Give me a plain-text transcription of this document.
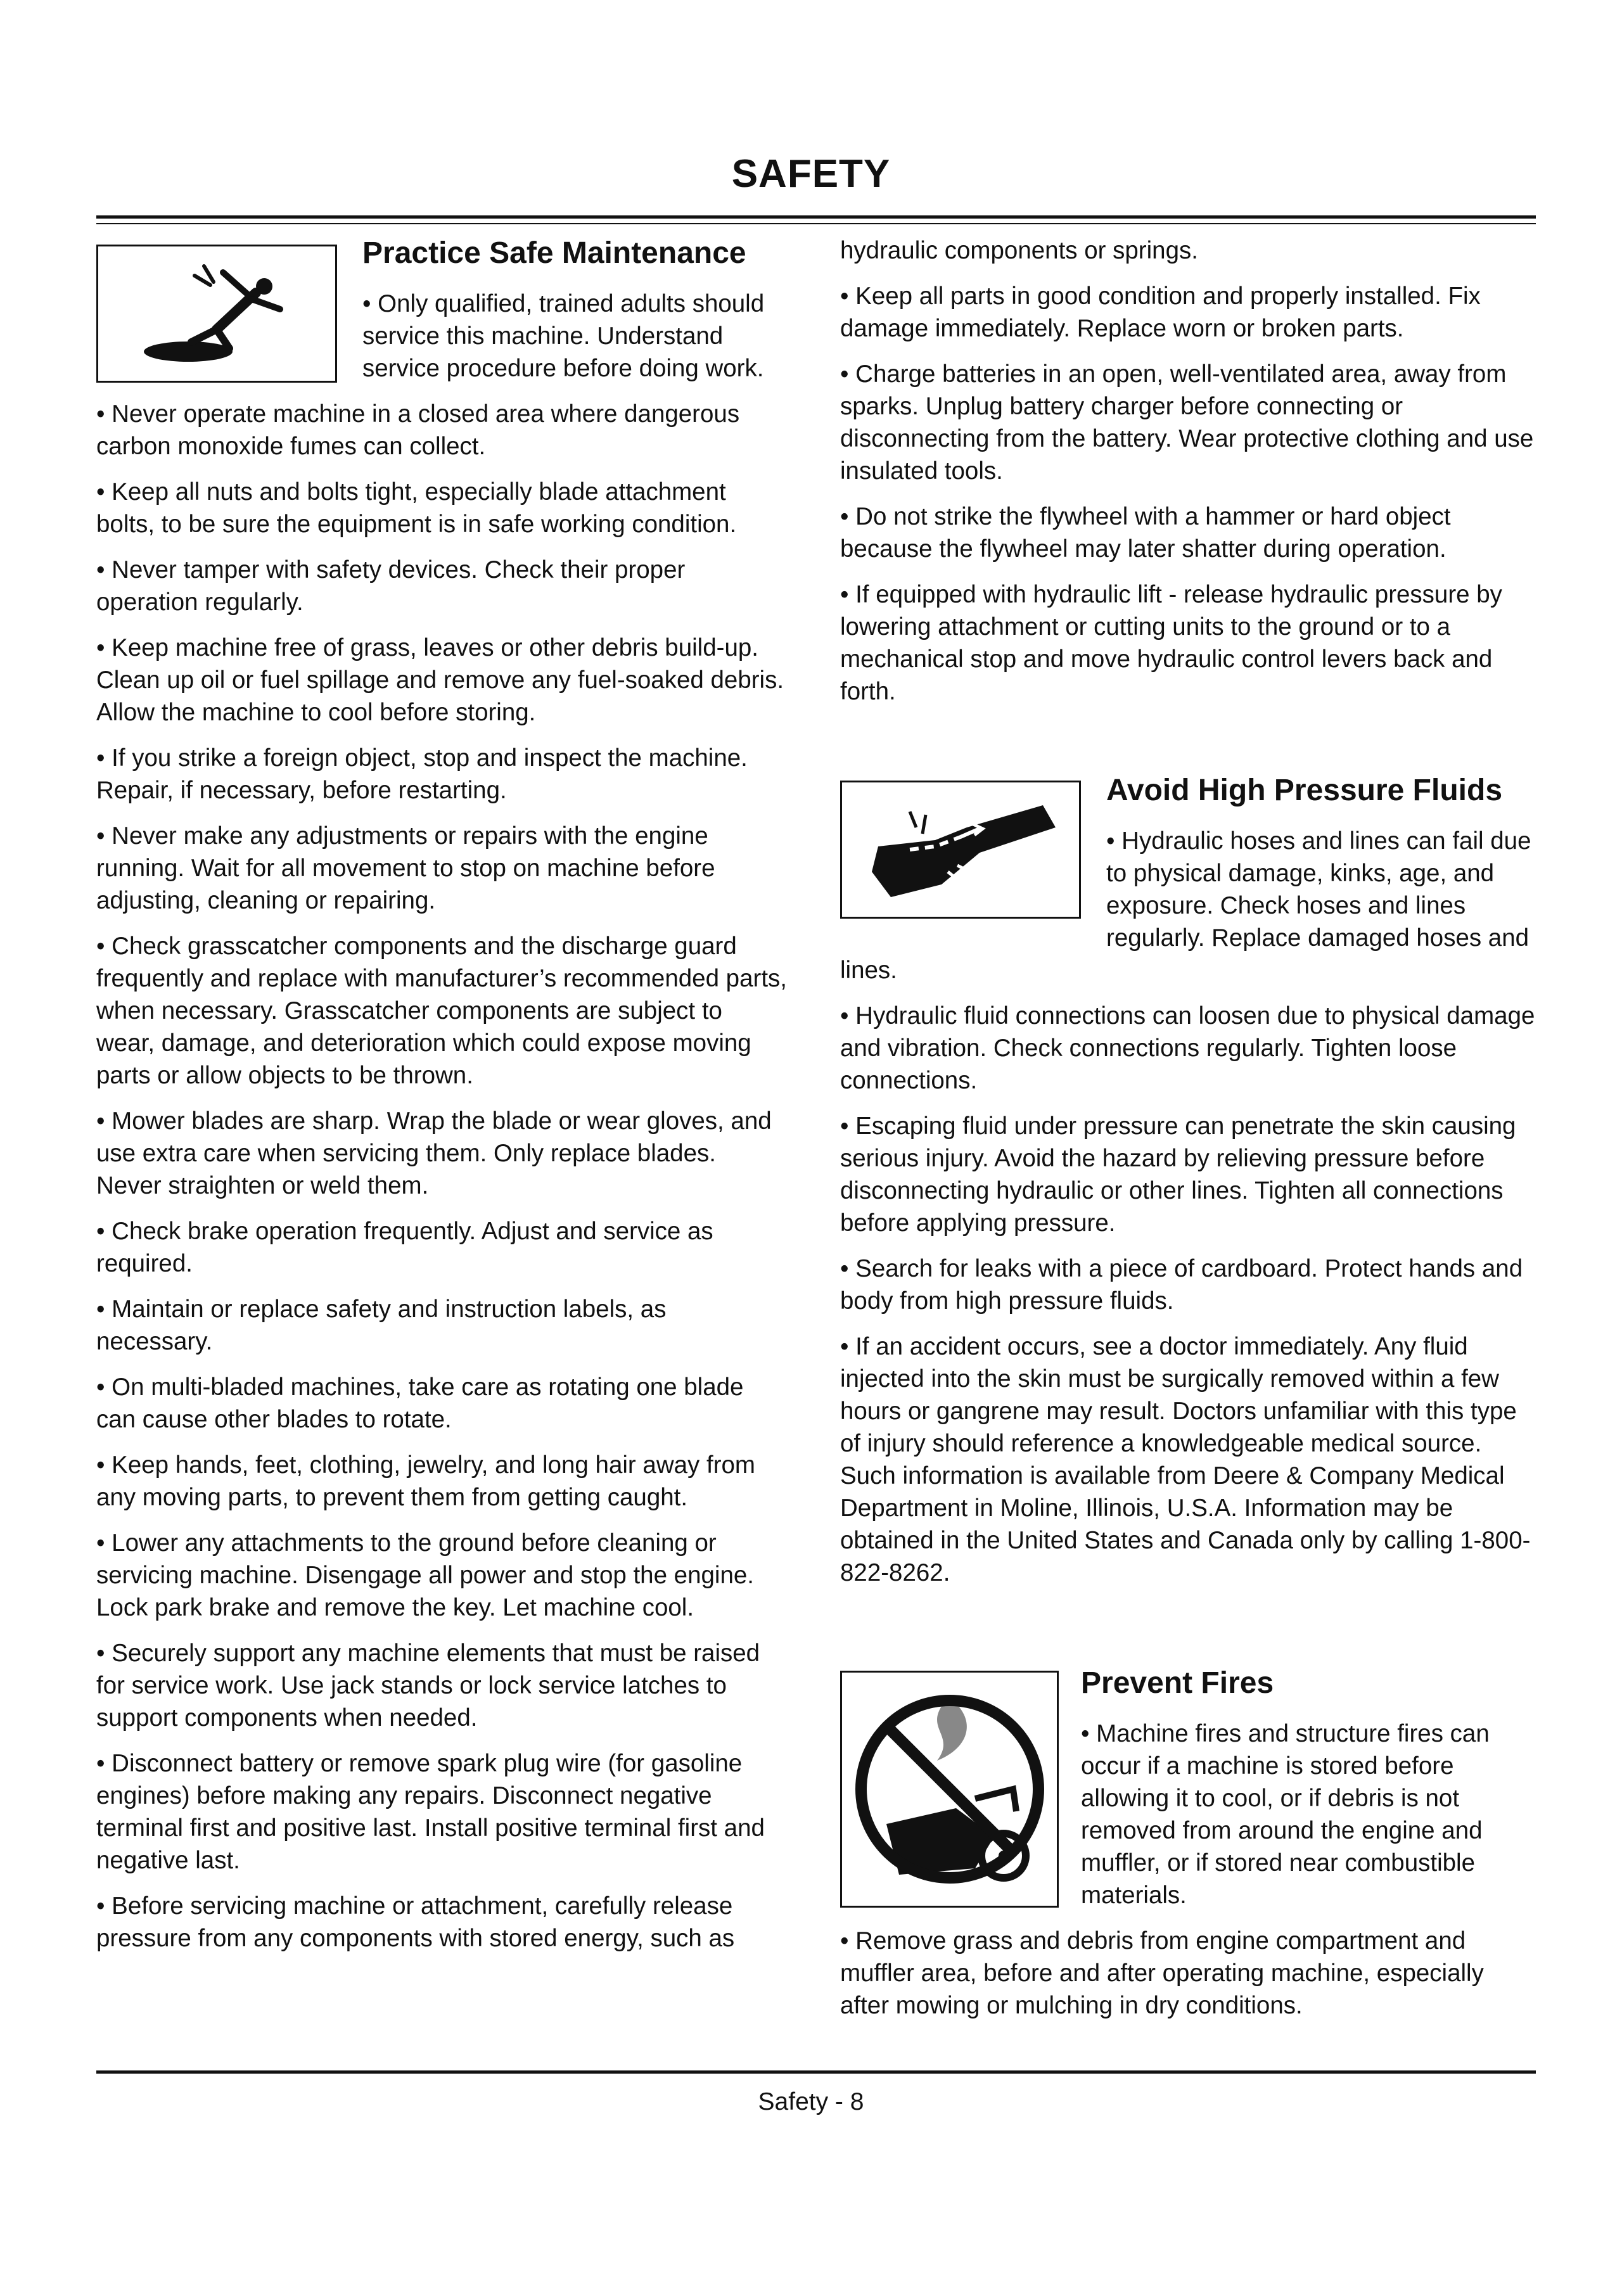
SAFETY
Practice Safe Maintenance

• Only qualified, trained adults should service this machine. Understand service procedure before doing work.

• Never operate machine in a closed area where dangerous carbon monoxide fumes can collect.

• Keep all nuts and bolts tight, especially blade attachment bolts, to be sure the equipment is in safe working condition.

• Never tamper with safety devices. Check their proper operation regularly.

• Keep machine free of grass, leaves or other debris build-up. Clean up oil or fuel spillage and remove any fuel-soaked debris. Allow the machine to cool before storing.

• If you strike a foreign object, stop and inspect the machine. Repair, if necessary, before restarting.

• Never make any adjustments or repairs with the engine running. Wait for all movement to stop on machine before adjusting, cleaning or repairing.

• Check grasscatcher components and the discharge guard frequently and replace with manufacturer’s recommended parts, when necessary. Grasscatcher components are subject to wear, damage, and deterioration which could expose moving parts or allow objects to be thrown.

• Mower blades are sharp. Wrap the blade or wear gloves, and use extra care when servicing them. Only replace blades. Never straighten or weld them.

• Check brake operation frequently. Adjust and service as required.

• Maintain or replace safety and instruction labels, as necessary.

• On multi-bladed machines, take care as rotating one blade can cause other blades to rotate.

• Keep hands, feet, clothing, jewelry, and long hair away from any moving parts, to prevent them from getting caught.

• Lower any attachments to the ground before cleaning or servicing machine. Disengage all power and stop the engine. Lock park brake and remove the key. Let machine cool.

• Securely support any machine elements that must be raised for service work. Use jack stands or lock service latches to support components when needed.

• Disconnect battery or remove spark plug wire (for gasoline engines) before making any repairs. Disconnect negative terminal first and positive last. Install positive terminal first and negative last.

• Before servicing machine or attachment, carefully release pressure from any components with stored energy, such as

hydraulic components or springs.

• Keep all parts in good condition and properly installed. Fix damage immediately. Replace worn or broken parts.

• Charge batteries in an open, well-ventilated area, away from sparks. Unplug battery charger before connecting or disconnecting from the battery. Wear protective clothing and use insulated tools.

• Do not strike the flywheel with a hammer or hard object because the flywheel may later shatter during operation.

• If equipped with hydraulic lift - release hydraulic pressure by lowering attachment or cutting units to the ground or to a mechanical stop and move hydraulic control levers back and forth.

Avoid High Pressure Fluids

• Hydraulic hoses and lines can fail due to physical damage, kinks, age, and exposure. Check hoses and lines regularly. Replace damaged hoses and lines.

• Hydraulic fluid connections can loosen due to physical damage and vibration. Check connections regularly. Tighten loose connections.

• Escaping fluid under pressure can penetrate the skin causing serious injury. Avoid the hazard by relieving pressure before disconnecting hydraulic or other lines. Tighten all connections before applying pressure.

• Search for leaks with a piece of cardboard. Protect hands and body from high pressure fluids.

• If an accident occurs, see a doctor immediately. Any fluid injected into the skin must be surgically removed within a few hours or gangrene may result. Doctors unfamiliar with this type of injury should reference a knowledgeable medical source. Such information is available from Deere & Company Medical Department in Moline, Illinois, U.S.A. Information may be obtained in the United States and Canada only by calling 1-800-822-8262.

Prevent Fires

• Machine fires and structure fires can occur if a machine is stored before allowing it to cool, or if debris is not removed from around the engine and muffler, or if stored near combustible materials.

• Remove grass and debris from engine compartment and muffler area, before and after operating machine, especially after mowing or mulching in dry conditions.

Safety - 8
